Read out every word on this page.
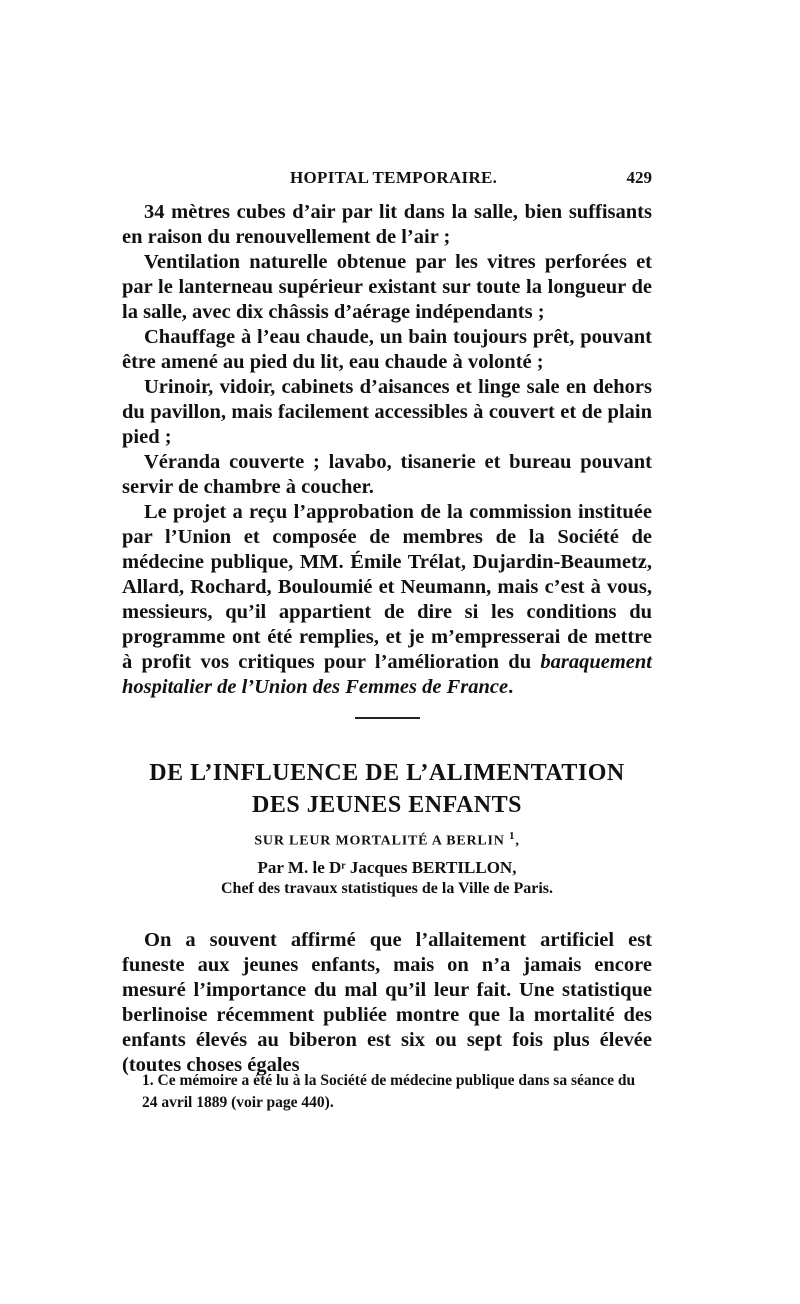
HOPITAL TEMPORAIRE.	429

34 mètres cubes d’air par lit dans la salle, bien suffisants en raison du renouvellement de l’air ;

Ventilation naturelle obtenue par les vitres perforées et par le lanterneau supérieur existant sur toute la longueur de la salle, avec dix châssis d’aérage indépendants ;

Chauffage à l’eau chaude, un bain toujours prêt, pouvant être amené au pied du lit, eau chaude à volonté ;

Urinoir, vidoir, cabinets d’aisances et linge sale en dehors du pavillon, mais facilement accessibles à couvert et de plain pied ;

Véranda couverte ; lavabo, tisanerie et bureau pouvant servir de chambre à coucher.

Le projet a reçu l’approbation de la commission instituée par l’Union et composée de membres de la Société de médecine publique, MM. Émile Trélat, Dujardin-Beaumetz, Allard, Rochard, Bouloumié et Neumann, mais c’est à vous, messieurs, qu’il appartient de dire si les conditions du programme ont été remplies, et je m’empresserai de mettre à profit vos critiques pour l’amélioration du baraquement hospitalier de l’Union des Femmes de France.

DE L’INFLUENCE DE L’ALIMENTATION
DES JEUNES ENFANTS
SUR LEUR MORTALITÉ A BERLIN $^1$,
Par M. le Dʳ Jacques BERTILLON,
Chef des travaux statistiques de la Ville de Paris.

On a souvent affirmé que l’allaitement artificiel est funeste aux jeunes enfants, mais on n’a jamais encore mesuré l’importance du mal qu’il leur fait. Une statistique berlinoise récemment publiée montre que la mortalité des enfants élevés au biberon est six ou sept fois plus élevée (toutes choses égales

1. Ce mémoire a été lu à la Société de médecine publique dans sa séance du 24 avril 1889 (voir page 440).
